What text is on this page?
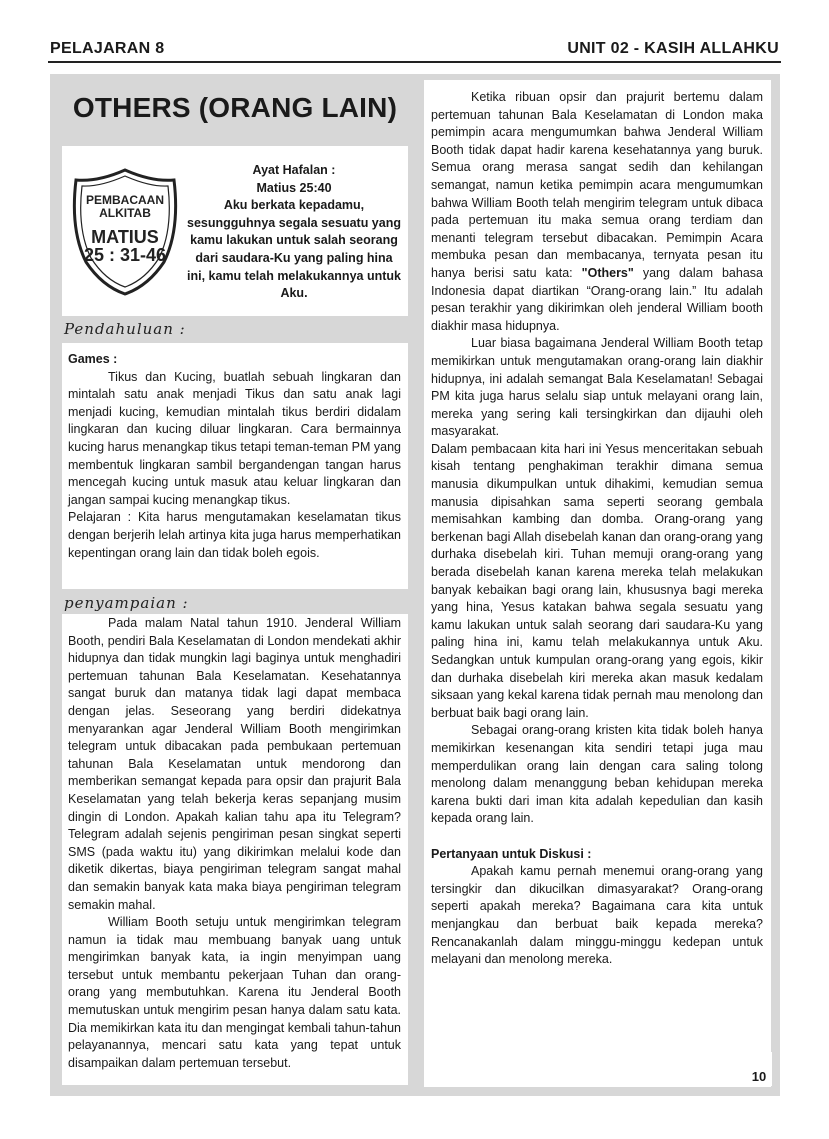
PELAJARAN 8	UNIT 02 - KASIH ALLAHKU
OTHERS (ORANG LAIN)
PEMBACAAN
ALKITAB
MATIUS
25 : 31-46
Ayat Hafalan :
Matius 25:40
Aku berkata kepadamu, sesungguhnya segala sesuatu yang kamu lakukan untuk salah seorang dari saudara-Ku yang paling hina ini, kamu telah melakukannya untuk Aku.
Pendahuluan :

Games :

Tikus dan Kucing, buatlah sebuah lingkaran dan mintalah satu anak menjadi Tikus dan satu anak lagi menjadi kucing, kemudian mintalah tikus berdiri didalam lingkaran dan kucing diluar lingkaran. Cara bermainnya kucing harus menangkap tikus tetapi teman-teman PM yang membentuk lingkaran sambil bergandengan tangan harus mencegah kucing untuk masuk atau keluar lingkaran dan jangan sampai kucing menangkap tikus.

Pelajaran : Kita harus mengutamakan keselamatan tikus dengan berjerih lelah artinya kita juga harus memperhatikan kepentingan orang lain dan tidak boleh egois.

penyampaian :

Pada malam Natal tahun 1910. Jenderal William Booth, pendiri Bala Keselamatan di London mendekati akhir hidupnya dan tidak mungkin lagi baginya untuk menghadiri pertemuan tahunan Bala Keselamatan. Kesehatannya sangat buruk dan matanya tidak lagi dapat membaca dengan jelas. Seseorang yang berdiri didekatnya menyarankan agar Jenderal William Booth mengirimkan telegram untuk dibacakan pada pembukaan pertemuan tahunan Bala Keselamatan untuk mendorong dan memberikan semangat kepada para opsir dan prajurit Bala Keselamatan yang telah bekerja keras sepanjang musim dingin di London. Apakah kalian tahu apa itu Telegram? Telegram adalah sejenis pengiriman pesan singkat seperti SMS (pada waktu itu) yang dikirimkan melalui kode dan diketik dikertas, biaya pengiriman telegram sangat mahal dan semakin banyak kata maka biaya pengiriman telegram semakin mahal.

William Booth setuju untuk mengirimkan telegram namun ia tidak mau membuang banyak uang untuk mengirimkan banyak kata, ia ingin menyimpan uang tersebut untuk membantu pekerjaan Tuhan dan orang-orang yang membutuhkan. Karena itu Jenderal Booth memutuskan untuk mengirim pesan hanya dalam satu kata. Dia memikirkan kata itu dan mengingat kembali tahun-tahun pelayanannya, mencari satu kata yang tepat untuk disampaikan dalam pertemuan tersebut.

Ketika ribuan opsir dan prajurit bertemu dalam pertemuan tahunan Bala Keselamatan di London maka pemimpin acara mengumumkan bahwa Jenderal William Booth tidak dapat hadir karena kesehatannya yang buruk. Semua orang merasa sangat sedih dan kehilangan semangat, namun ketika pemimpin acara mengumumkan bahwa William Booth telah mengirim telegram untuk dibaca pada pertemuan itu maka semua orang terdiam dan menanti telegram tersebut dibacakan. Pemimpin Acara membuka pesan dan membacanya, ternyata pesan itu hanya berisi satu kata: "Others" yang dalam bahasa Indonesia dapat diartikan “Orang-orang lain.” Itu adalah pesan terakhir yang dikirimkan oleh jenderal William booth diakhir masa hidupnya.

Luar biasa bagaimana Jenderal William Booth tetap memikirkan untuk mengutamakan orang-orang lain diakhir hidupnya, ini adalah semangat Bala Keselamatan! Sebagai PM kita juga harus selalu siap untuk melayani orang lain, mereka yang sering kali tersingkirkan dan dijauhi oleh masyarakat.

Dalam pembacaan kita hari ini Yesus menceritakan sebuah kisah tentang penghakiman terakhir dimana semua manusia dikumpulkan untuk dihakimi, kemudian semua manusia dipisahkan sama seperti seorang gembala memisahkan kambing dan domba. Orang-orang yang berkenan bagi Allah disebelah kanan dan orang-orang yang durhaka disebelah kiri. Tuhan memuji orang-orang yang berada disebelah kanan karena mereka telah melakukan banyak kebaikan bagi orang lain, khususnya bagi mereka yang hina, Yesus katakan bahwa segala sesuatu yang kamu lakukan untuk salah seorang dari saudara-Ku yang paling hina ini, kamu telah melakukannya untuk Aku. Sedangkan untuk kumpulan orang-orang yang egois, kikir dan durhaka disebelah kiri mereka akan masuk kedalam siksaan yang kekal karena tidak pernah mau menolong dan berbuat baik bagi orang lain.

Sebagai orang-orang kristen kita tidak boleh hanya memikirkan kesenangan kita sendiri tetapi juga mau memperdulikan orang lain dengan cara saling tolong menolong dalam menanggung beban kehidupan mereka karena bukti dari iman kita adalah kepedulian dan kasih kepada orang lain.

Pertanyaan untuk Diskusi :

Apakah kamu pernah menemui orang-orang yang tersingkir dan dikucilkan dimasyarakat? Orang-orang seperti apakah mereka? Bagaimana cara kita untuk menjangkau dan berbuat baik kepada mereka? Rencanakanlah dalam minggu-minggu kedepan untuk melayani dan menolong mereka.

10
